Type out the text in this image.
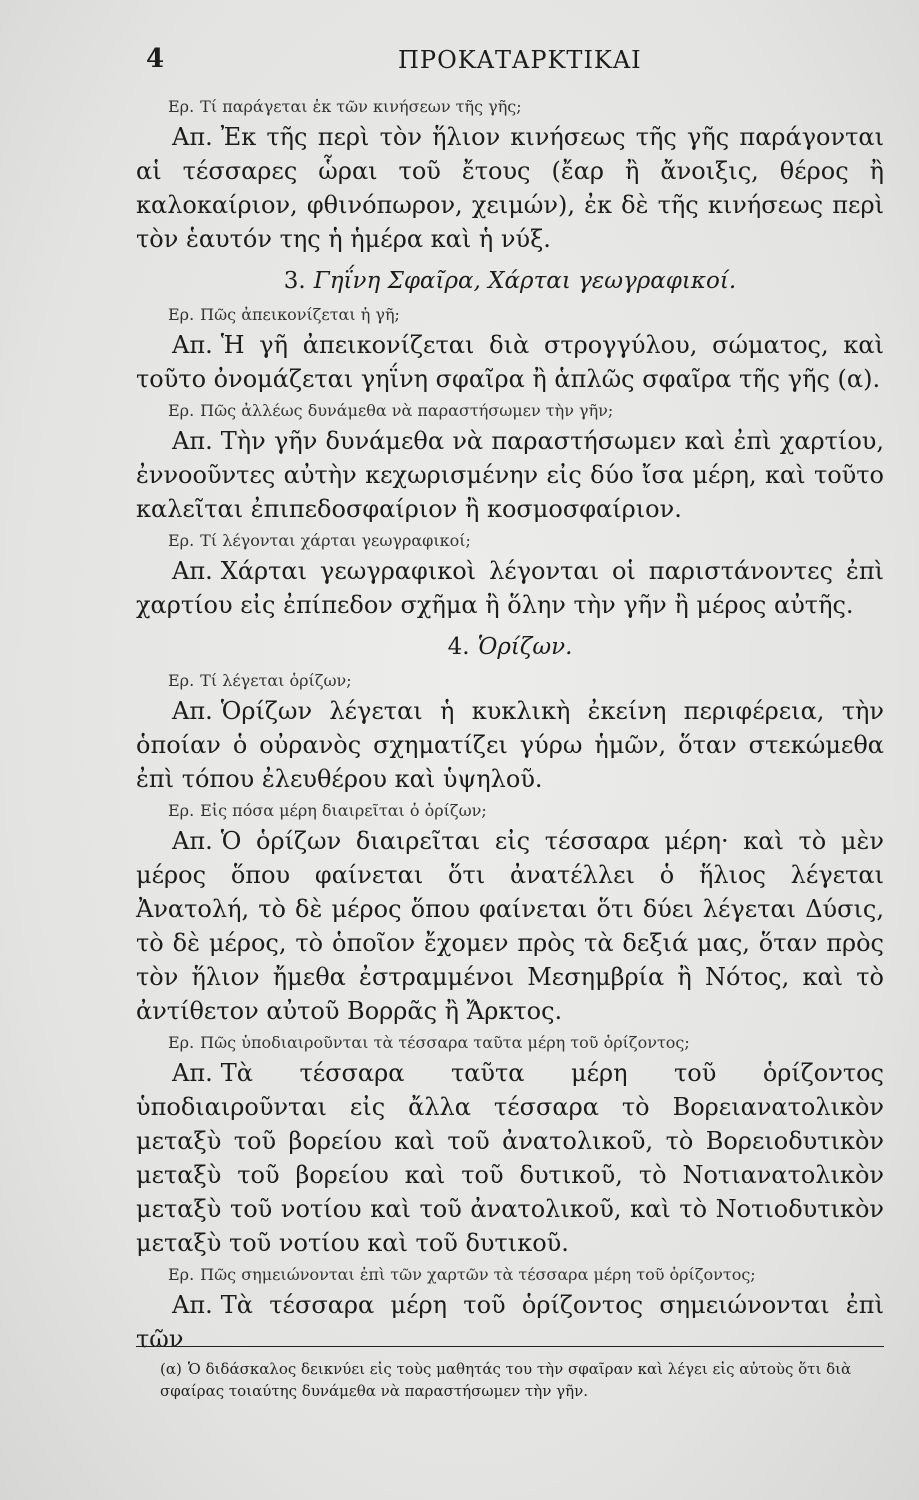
4	ΠΡΟΚΑΤΑΡΚΤΙΚΑΙ

Ερ. Τί παράγεται ἐκ τῶν κινήσεων τῆς γῆς;

Απ. Ἐκ τῆς περὶ τὸν ἥλιον κινήσεως τῆς γῆς παράγονται αἱ τέσσαρες ὧραι τοῦ ἔτους (ἔαρ ἢ ἄνοιξις, θέρος ἢ καλοκαίριον, φθινόπωρον, χειμών), ἐκ δὲ τῆς κινήσεως περὶ τὸν ἑαυτόν της ἡ ἡμέρα καὶ ἡ νύξ.

3. Γηΐνη Σφαῖρα, Χάρται γεωγραφικοί.

Ερ. Πῶς ἀπεικονίζεται ἡ γῆ;

Απ. Ἡ γῆ ἀπεικονίζεται διὰ στρογγύλου, σώματος, καὶ τοῦτο ὀνομάζεται γηΐνη σφαῖρα ἢ ἁπλῶς σφαῖρα τῆς γῆς (α).

Ερ. Πῶς ἀλλέως δυνάμεθα νὰ παραστήσωμεν τὴν γῆν;

Απ. Τὴν γῆν δυνάμεθα νὰ παραστήσωμεν καὶ ἐπὶ χαρτίου, ἐννοοῦντες αὐτὴν κεχωρισμένην εἰς δύο ἴσα μέρη, καὶ τοῦτο καλεῖται ἐπιπεδοσφαίριον ἢ κοσμοσφαίριον.

Ερ. Τί λέγονται χάρται γεωγραφικοί;

Απ. Χάρται γεωγραφικοὶ λέγονται οἱ παριστάνοντες ἐπὶ χαρτίου εἰς ἐπίπεδον σχῆμα ἢ ὅλην τὴν γῆν ἢ μέρος αὐτῆς.

4. Ὁρίζων.

Ερ. Τί λέγεται ὁρίζων;

Απ. Ὁρίζων λέγεται ἡ κυκλικὴ ἐκείνη περιφέρεια, τὴν ὁποίαν ὁ οὐρανὸς σχηματίζει γύρω ἡμῶν, ὅταν στεκώμεθα ἐπὶ τόπου ἐλευθέρου καὶ ὑψηλοῦ.

Ερ. Εἰς πόσα μέρη διαιρεῖται ὁ ὁρίζων;

Απ. Ὁ ὁρίζων διαιρεῖται εἰς τέσσαρα μέρη· καὶ τὸ μὲν μέρος ὅπου φαίνεται ὅτι ἀνατέλλει ὁ ἥλιος λέγεται Ἀνατολή, τὸ δὲ μέρος ὅπου φαίνεται ὅτι δύει λέγεται Δύσις, τὸ δὲ μέρος, τὸ ὁποῖον ἔχομεν πρὸς τὰ δεξιά μας, ὅταν πρὸς τὸν ἥλιον ἤμεθα ἐστραμμένοι Μεσημβρία ἢ Νότος, καὶ τὸ ἀντίθετον αὐτοῦ Βορρᾶς ἢ Ἄρκτος.

Ερ. Πῶς ὑποδιαιροῦνται τὰ τέσσαρα ταῦτα μέρη τοῦ ὁρίζοντος;

Απ. Τὰ τέσσαρα ταῦτα μέρη τοῦ ὁρίζοντος ὑποδιαιροῦνται εἰς ἄλλα τέσσαρα τὸ Βορειανατολικὸν μεταξὺ τοῦ βορείου καὶ τοῦ ἀνατολικοῦ, τὸ Βορειοδυτικὸν μεταξὺ τοῦ βορείου καὶ τοῦ δυτικοῦ, τὸ Νοτιανατολικὸν μεταξὺ τοῦ νοτίου καὶ τοῦ ἀνατολικοῦ, καὶ τὸ Νοτιοδυτικὸν μεταξὺ τοῦ νοτίου καὶ τοῦ δυτικοῦ.

Ερ. Πῶς σημειώνονται ἐπὶ τῶν χαρτῶν τὰ τέσσαρα μέρη τοῦ ὁρίζοντος;

Απ. Τὰ τέσσαρα μέρη τοῦ ὁρίζοντος σημειώνονται ἐπὶ τῶν

(α) Ὁ διδάσκαλος δεικνύει εἰς τοὺς μαθητάς του τὴν σφαῖραν καὶ λέγει εἰς αὐτοὺς ὅτι διὰ σφαίρας τοιαύτης δυνάμεθα νὰ παραστήσωμεν τὴν γῆν.
